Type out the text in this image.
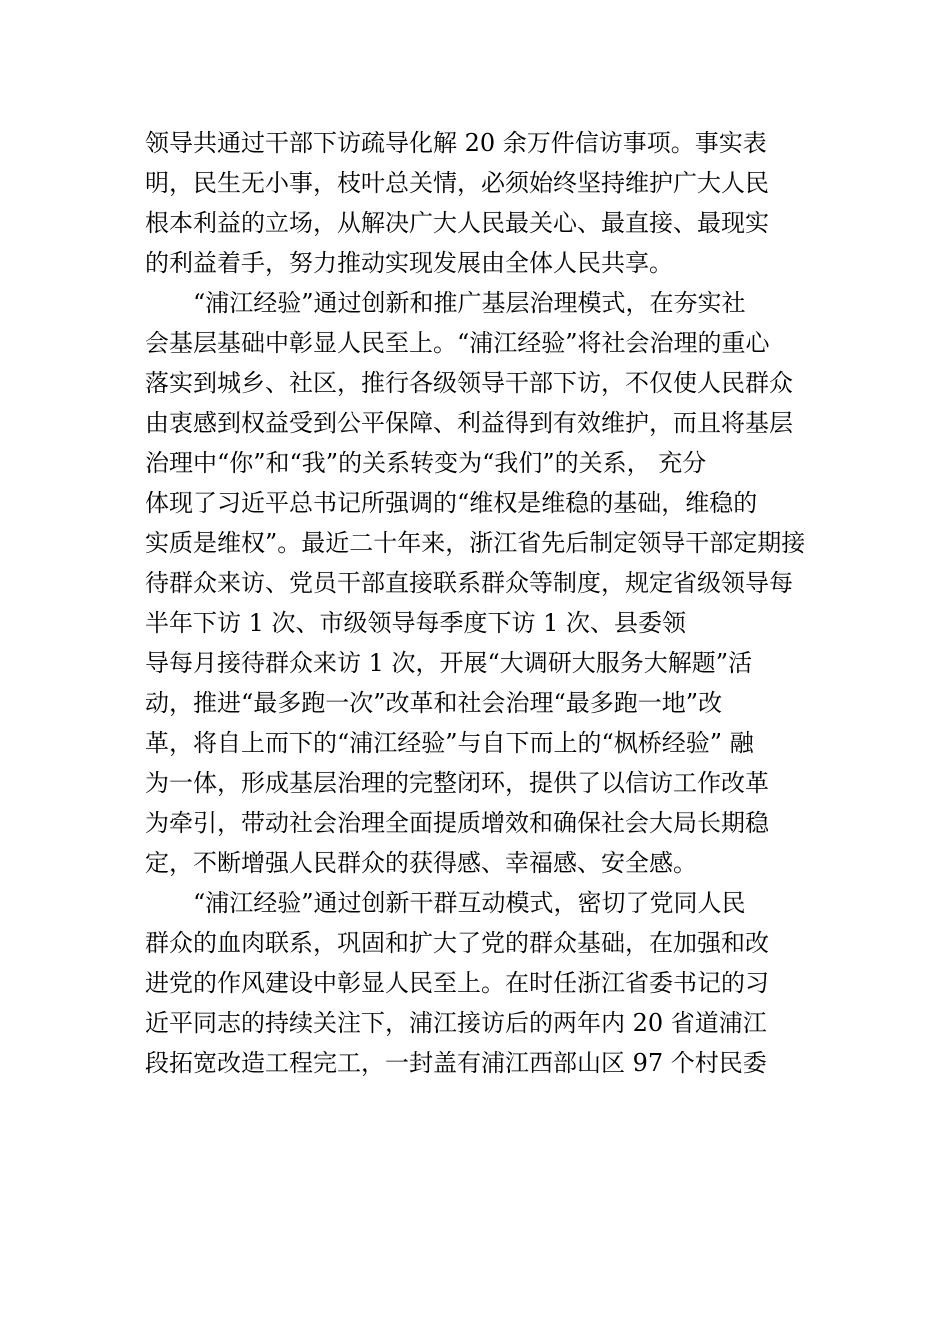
领导共通过干部下访疏导化解 20 余万件信访事项。事实表
明，民生无小事，枝叶总关情，必须始终坚持维护广大人民
根本利益的立场，从解决广大人民最关心、最直接、最现实
的利益着手，努力推动实现发展由全体人民共享。
“浦江经验”通过创新和推广基层治理模式，在夯实社
会基层基础中彰显人民至上。“浦江经验”将社会治理的重心
落实到城乡、社区，推行各级领导干部下访，不仅使人民群众
由衷感到权益受到公平保障、利益得到有效维护，而且将基层
治理中“你”和“我”的关系转变为“我们”的关系， 充分
体现了习近平总书记所强调的“维权是维稳的基础，维稳的
实质是维权”。最近二十年来，浙江省先后制定领导干部定期接
待群众来访、党员干部直接联系群众等制度，规定省级领导每
半年下访 1 次、市级领导每季度下访 1 次、县委领
导每月接待群众来访 1 次，开展“大调研大服务大解题”活
动，推进“最多跑一次”改革和社会治理“最多跑一地”改
革，将自上而下的“浦江经验”与自下而上的“枫桥经验” 融
为一体，形成基层治理的完整闭环，提供了以信访工作改革
为牵引，带动社会治理全面提质增效和确保社会大局长期稳
定，不断增强人民群众的获得感、幸福感、安全感。
“浦江经验”通过创新干群互动模式，密切了党同人民
群众的血肉联系，巩固和扩大了党的群众基础，在加强和改
进党的作风建设中彰显人民至上。在时任浙江省委书记的习
近平同志的持续关注下，浦江接访后的两年内 20 省道浦江
段拓宽改造工程完工，一封盖有浦江西部山区 97 个村民委
